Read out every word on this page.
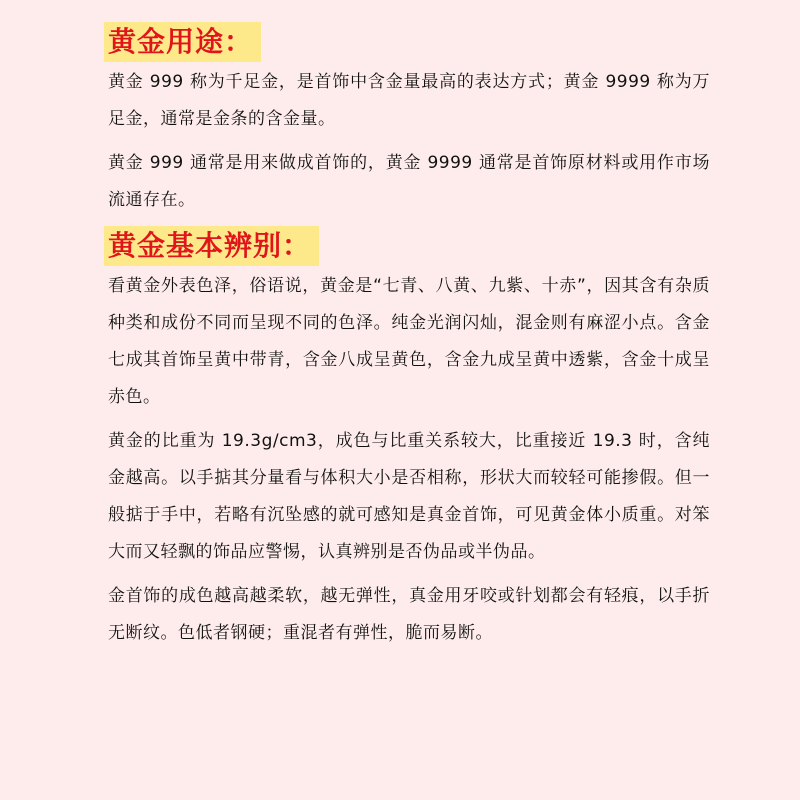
黄金用途：

黄金 999 称为千足金，是首饰中含金量最高的表达方式；黄金 9999 称为万足金，通常是金条的含金量。

黄金 999 通常是用来做成首饰的，黄金 9999 通常是首饰原材料或用作市场流通存在。

黄金基本辨别：

看黄金外表色泽，俗语说，黄金是“七青、八黄、九紫、十赤”，因其含有杂质种类和成份不同而呈现不同的色泽。纯金光润闪灿，混金则有麻涩小点。含金七成其首饰呈黄中带青，含金八成呈黄色，含金九成呈黄中透紫，含金十成呈赤色。

黄金的比重为 19.3g/cm3，成色与比重关系较大，比重接近 19.3 时，含纯金越高。以手掂其分量看与体积大小是否相称，形状大而较轻可能掺假。但一般掂于手中，若略有沉坠感的就可感知是真金首饰，可见黄金体小质重。对笨大而又轻飘的饰品应警惕，认真辨别是否伪品或半伪品。

金首饰的成色越高越柔软，越无弹性，真金用牙咬或针划都会有轻痕，以手折无断纹。色低者钢硬；重混者有弹性，脆而易断。
